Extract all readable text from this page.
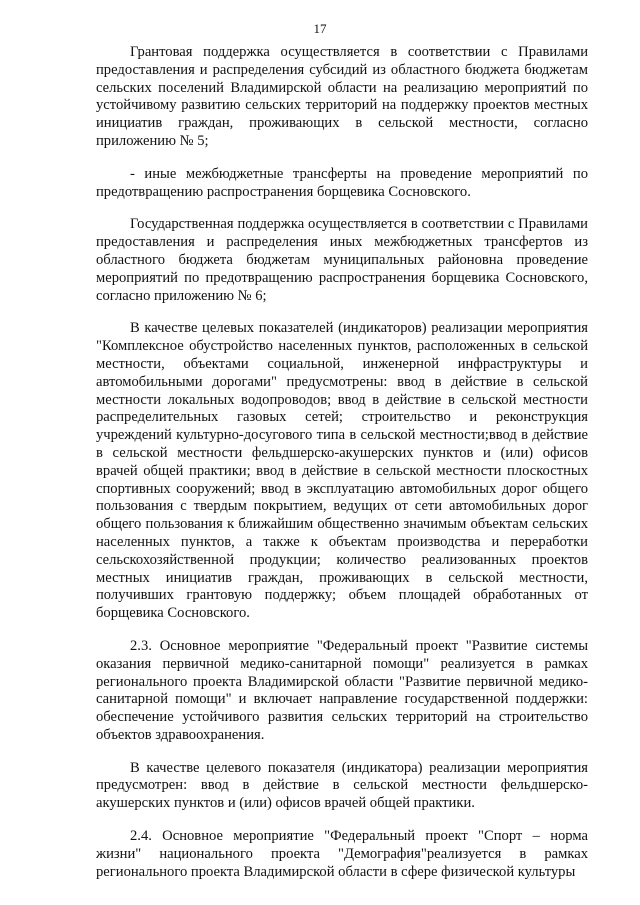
17

Грантовая поддержка осуществляется в соответствии с Правилами предоставления и распределения субсидий из областного бюджета бюджетам сельских поселений Владимирской области на реализацию мероприятий по устойчивому развитию сельских территорий на поддержку проектов местных инициатив граждан, проживающих в сельской местности, согласно приложению № 5;

- иные межбюджетные трансферты на проведение мероприятий по предотвращению распространения борщевика Сосновского.

Государственная поддержка осуществляется в соответствии с Правилами предоставления и распределения иных межбюджетных трансфертов из областного бюджета бюджетам муниципальных районовна проведение мероприятий по предотвращению распространения борщевика Сосновского, согласно приложению № 6;

В качестве целевых показателей (индикаторов) реализации мероприятия "Комплексное обустройство населенных пунктов, расположенных в сельской местности, объектами социальной, инженерной инфраструктуры и автомобильными дорогами" предусмотрены: ввод в действие в сельской местности локальных водопроводов; ввод в действие в сельской местности распределительных газовых сетей; строительство и реконструкция учреждений культурно-досугового типа в сельской местности;ввод в действие в сельской местности фельдшерско-акушерских пунктов и (или) офисов врачей общей практики; ввод в действие в сельской местности плоскостных спортивных сооружений; ввод в эксплуатацию автомобильных дорог общего пользования с твердым покрытием, ведущих от сети автомобильных дорог общего пользования к ближайшим общественно значимым объектам сельских населенных пунктов, а также к объектам производства и переработки сельскохозяйственной продукции; количество реализованных проектов местных инициатив граждан, проживающих в сельской местности, получивших грантовую поддержку; объем площадей обработанных от борщевика Сосновского.

2.3. Основное мероприятие "Федеральный проект "Развитие системы оказания первичной медико-санитарной помощи" реализуется в рамках регионального проекта Владимирской области "Развитие первичной медико-санитарной помощи" и включает направление государственной поддержки: обеспечение устойчивого развития сельских территорий на строительство объектов здравоохранения.

В качестве целевого показателя (индикатора) реализации мероприятия предусмотрен: ввод в действие в сельской местности фельдшерско-акушерских пунктов и (или) офисов врачей общей практики.

2.4. Основное мероприятие "Федеральный проект "Спорт – норма жизни" национального проекта "Демография"реализуется в рамках регионального проекта Владимирской области в сфере физической культуры
